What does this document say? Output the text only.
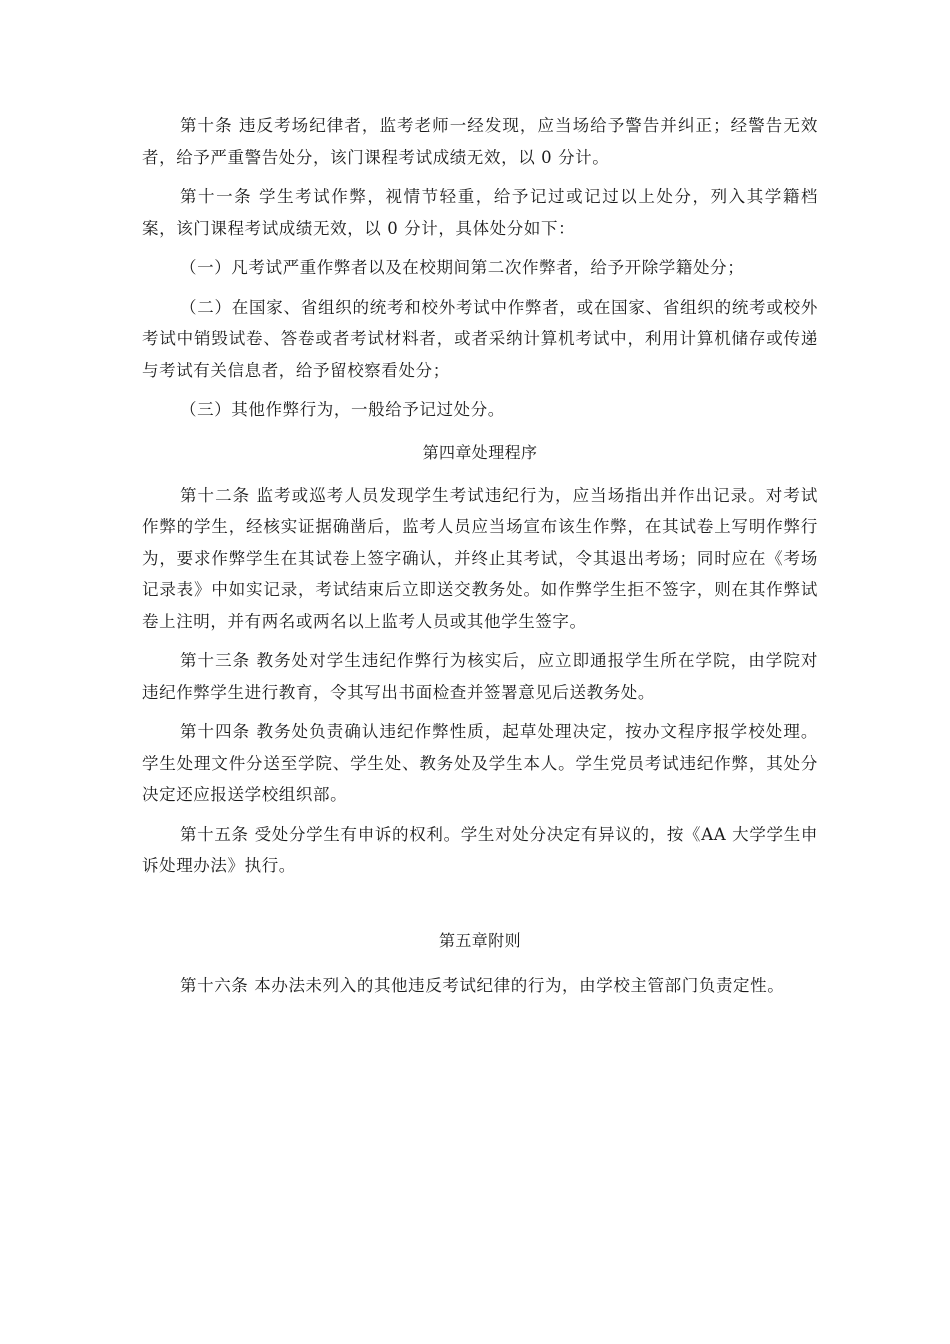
第十条 违反考场纪律者，监考老师一经发现，应当场给予警告并纠正；经警告无效者，给予严重警告处分，该门课程考试成绩无效，以 0 分计。

第十一条 学生考试作弊，视情节轻重，给予记过或记过以上处分，列入其学籍档案，该门课程考试成绩无效，以 0 分计，具体处分如下：

（一）凡考试严重作弊者以及在校期间第二次作弊者，给予开除学籍处分；

（二）在国家、省组织的统考和校外考试中作弊者，或在国家、省组织的统考或校外考试中销毁试卷、答卷或者考试材料者，或者采纳计算机考试中，利用计算机储存或传递与考试有关信息者，给予留校察看处分；

（三）其他作弊行为，一般给予记过处分。

第四章处理程序

第十二条 监考或巡考人员发现学生考试违纪行为，应当场指出并作出记录。对考试作弊的学生，经核实证据确凿后，监考人员应当场宣布该生作弊，在其试卷上写明作弊行为，要求作弊学生在其试卷上签字确认，并终止其考试，令其退出考场；同时应在《考场记录表》中如实记录，考试结束后立即送交教务处。如作弊学生拒不签字，则在其作弊试卷上注明，并有两名或两名以上监考人员或其他学生签字。

第十三条 教务处对学生违纪作弊行为核实后，应立即通报学生所在学院，由学院对违纪作弊学生进行教育，令其写出书面检查并签署意见后送教务处。

第十四条 教务处负责确认违纪作弊性质，起草处理决定，按办文程序报学校处理。学生处理文件分送至学院、学生处、教务处及学生本人。学生党员考试违纪作弊，其处分决定还应报送学校组织部。

第十五条 受处分学生有申诉的权利。学生对处分决定有异议的，按《AA 大学学生申诉处理办法》执行。

第五章附则

第十六条 本办法未列入的其他违反考试纪律的行为，由学校主管部门负责定性。
